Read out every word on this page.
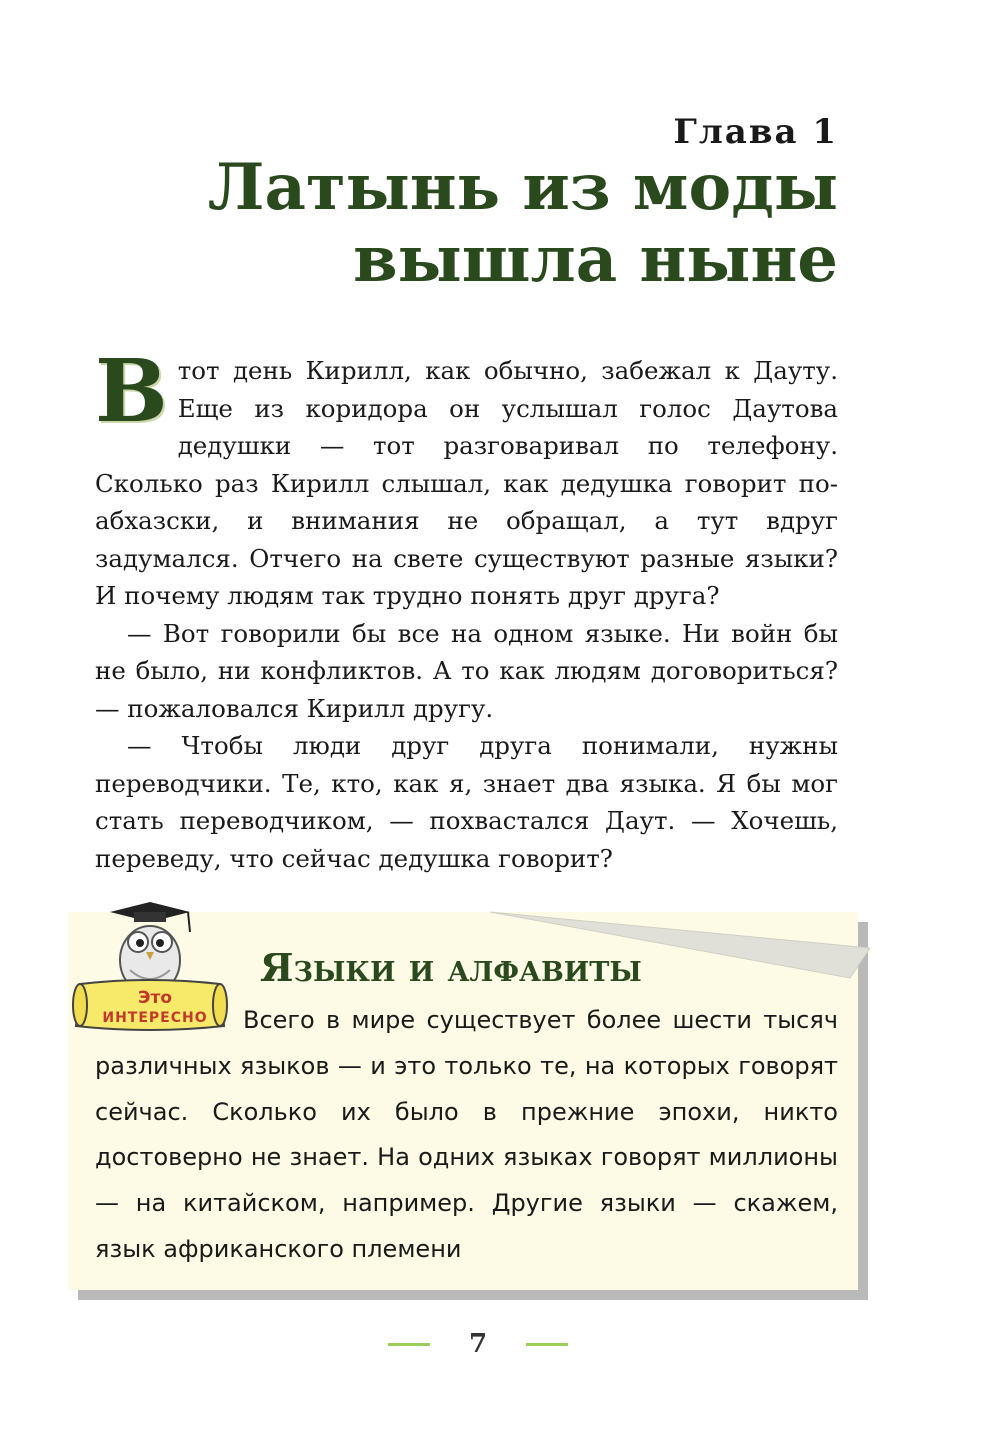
Глава 1
Латынь из моды вышла ныне

В тот день Кирилл, как обычно, забежал к Дауту. Еще из коридора он услышал голос Даутова дедушки — тот разговаривал по телефону. Сколько раз Кирилл слышал, как дедушка говорит по-абхазски, и внимания не обращал, а тут вдруг задумался. Отчего на свете существуют разные языки? И почему людям так трудно понять друг друга?

— Вот говорили бы все на одном языке. Ни войн бы не было, ни конфликтов. А то как людям договориться? — пожаловался Кирилл другу.

— Чтобы люди друг друга понимали, нужны переводчики. Те, кто, как я, знает два языка. Я бы мог стать переводчиком, — похвастался Даут. — Хочешь, переведу, что сейчас дедушка говорит?

Это
ИНТЕРЕСНО
Языки и алфавиты
Всего в мире существует более шести тысяч различных языков — и это только те, на которых говорят сейчас. Сколько их было в прежние эпохи, никто достоверно не знает. На одних языках говорят миллионы — на китайском, например. Другие языки — скажем, язык африканского племени
7
